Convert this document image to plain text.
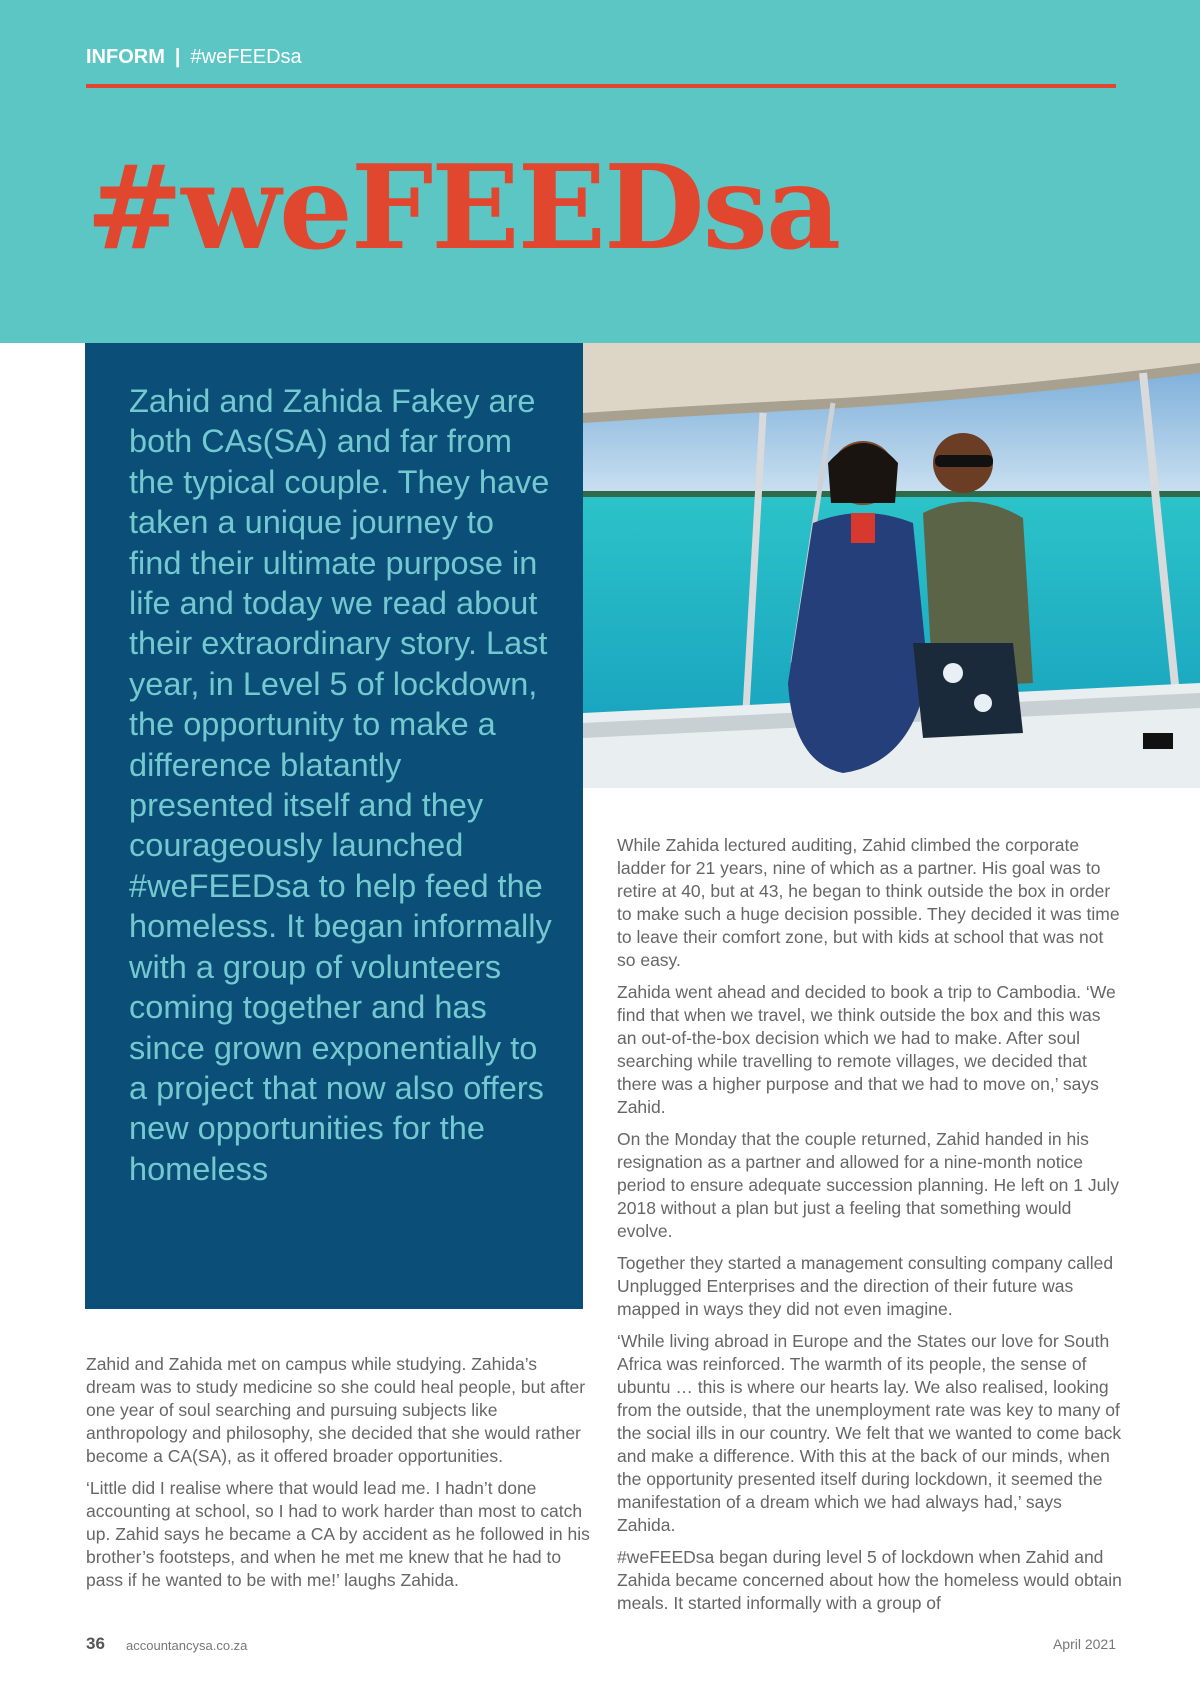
INFORM | #weFEEDsa
#weFEEDsa

Zahid and Zahida Fakey are both CAs(SA) and far from the typical couple. They have taken a unique journey to find their ultimate purpose in life and today we read about their extraordinary story. Last year, in Level 5 of lockdown, the opportunity to make a difference blatantly presented itself and they courageously launched #weFEEDsa to help feed the homeless. It began informally with a group of volunteers coming together and has since grown exponentially to a project that now also offers new opportunities for the homeless

Zahid and Zahida met on campus while studying. Zahida’s dream was to study medicine so she could heal people, but after one year of soul searching and pursuing subjects like anthropology and philosophy, she decided that she would rather become a CA(SA), as it offered broader opportunities.

‘Little did I realise where that would lead me. I hadn’t done accounting at school, so I had to work harder than most to catch up. Zahid says he became a CA by accident as he followed in his brother’s footsteps, and when he met me knew that he had to pass if he wanted to be with me!’ laughs Zahida.

While Zahida lectured auditing, Zahid climbed the corporate ladder for 21 years, nine of which as a partner. His goal was to retire at 40, but at 43, he began to think outside the box in order to make such a huge decision possible. They decided it was time to leave their comfort zone, but with kids at school that was not so easy.

Zahida went ahead and decided to book a trip to Cambodia. ‘We find that when we travel, we think outside the box and this was an out-of-the-box decision which we had to make. After soul searching while travelling to remote villages, we decided that there was a higher purpose and that we had to move on,’ says Zahid.

On the Monday that the couple returned, Zahid handed in his resignation as a partner and allowed for a nine-month notice period to ensure adequate succession planning. He left on 1 July 2018 without a plan but just a feeling that something would evolve.

Together they started a management consulting company called Unplugged Enterprises and the direction of their future was mapped in ways they did not even imagine.

‘While living abroad in Europe and the States our love for South Africa was reinforced. The warmth of its people, the sense of ubuntu … this is where our hearts lay. We also realised, looking from the outside, that the unemployment rate was key to many of the social ills in our country. We felt that we wanted to come back and make a difference. With this at the back of our minds, when the opportunity presented itself during lockdown, it seemed the manifestation of a dream which we had always had,’ says Zahida.

#weFEEDsa began during level 5 of lockdown when Zahid and Zahida became concerned about how the homeless would obtain meals. It started informally with a group of

36 accountancysa.co.za	April 2021
